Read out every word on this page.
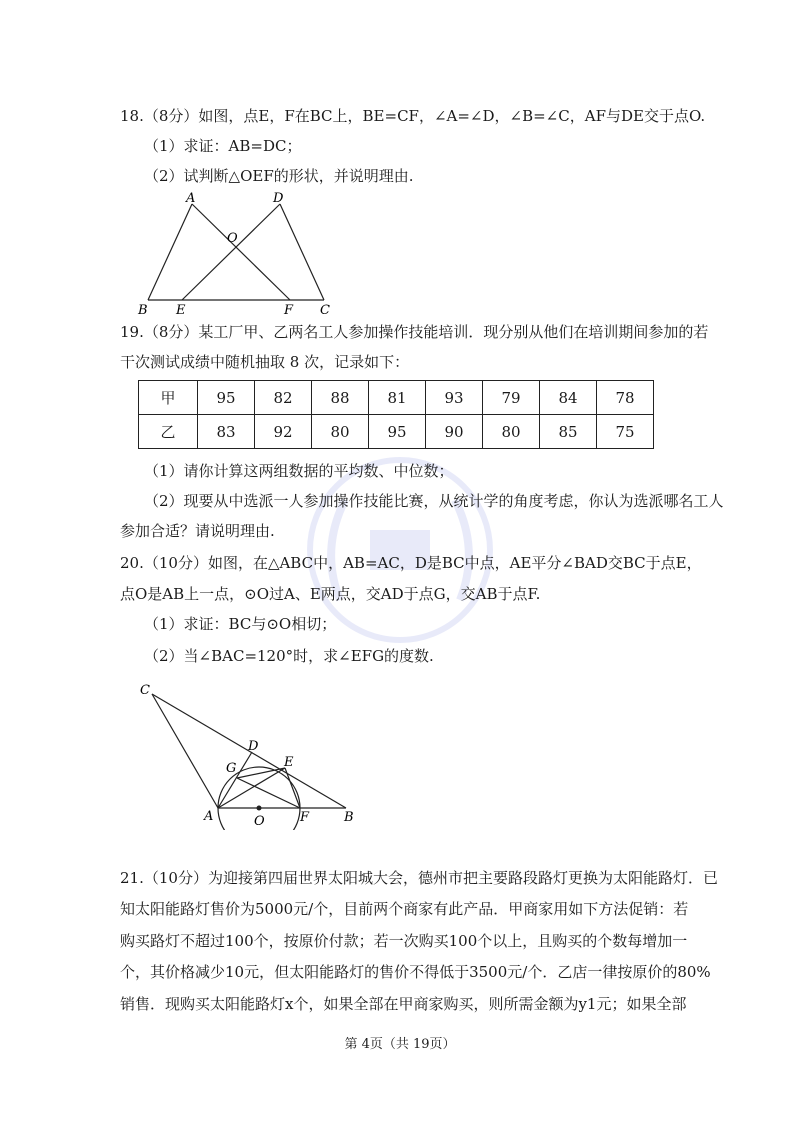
18.（8分）如图，点E，F在BC上，BE=CF，∠A=∠D，∠B=∠C，AF与DE交于点O.
（1）求证：AB=DC；
（2）试判断△OEF的形状，并说明理由.
A	D
O
B E	F C
19.（8分）某工厂甲、乙两名工人参加操作技能培训．现分别从他们在培训期间参加的若
干次测试成绩中随机抽取 8 次，记录如下：
甲	95	82	88	81	93	79	84	78
乙	83	92	80	95	90	80	85	75
（1）请你计算这两组数据的平均数、中位数；
（2）现要从中选派一人参加操作技能比赛，从统计学的角度考虑，你认为选派哪名工人
参加合适？请说明理由.
20.（10分）如图，在△ABC中，AB=AC，D是BC中点，AE平分∠BAD交BC于点E，
点O是AB上一点，⊙O过A、E两点，交AD于点G，交AB于点F.
（1）求证：BC与⊙O相切；
（2）当∠BAC=120°时，求∠EFG的度数.
C
D
G	E
A	O	F	B
21.（10分）为迎接第四届世界太阳城大会，德州市把主要路段路灯更换为太阳能路灯．已
知太阳能路灯售价为5000元/个，目前两个商家有此产品．甲商家用如下方法促销：若
购买路灯不超过100个，按原价付款；若一次购买100个以上，且购买的个数每增加一
个，其价格减少10元，但太阳能路灯的售价不得低于3500元/个．乙店一律按原价的80%
销售．现购买太阳能路灯x个，如果全部在甲商家购买，则所需金额为y1元；如果全部
第 4页（共 19页）
